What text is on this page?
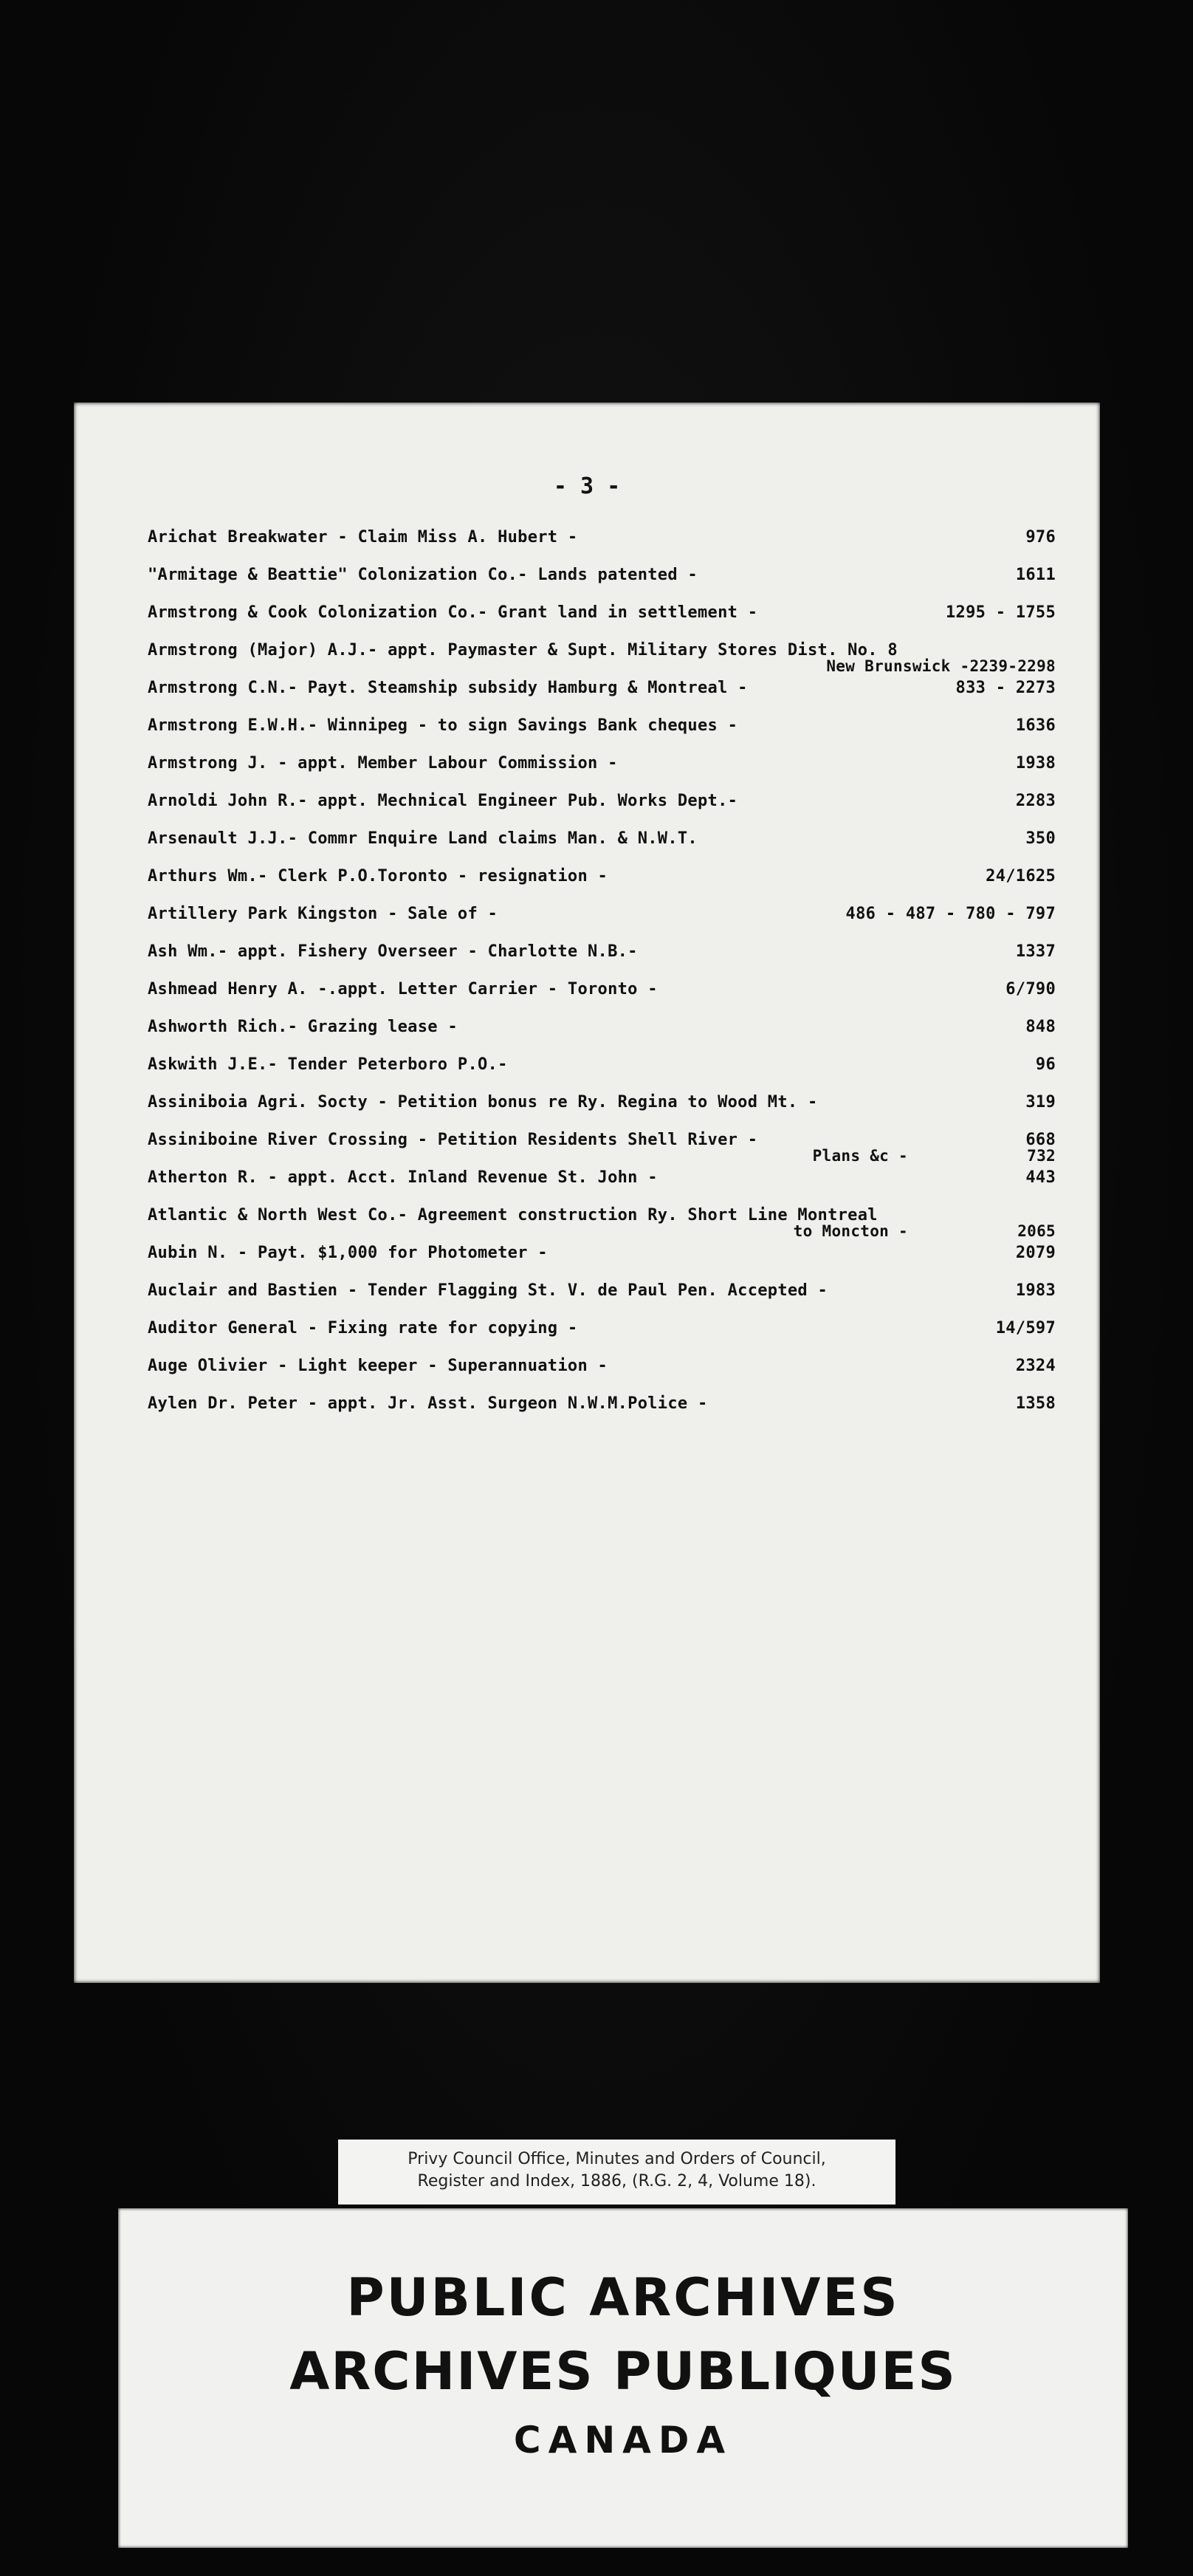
- 3 -
Arichat Breakwater - Claim Miss A. Hubert -	976
"Armitage & Beattie" Colonization Co.- Lands patented -	1611
Armstrong & Cook Colonization Co.- Grant land in settlement -	1295 - 1755
Armstrong (Major) A.J.- appt. Paymaster & Supt. Military Stores Dist. No. 8
New Brunswick -2239-2298
Armstrong C.N.- Payt. Steamship subsidy Hamburg & Montreal -	833 - 2273
Armstrong E.W.H.- Winnipeg - to sign Savings Bank cheques -	1636
Armstrong J. - appt. Member Labour Commission -	1938
Arnoldi John R.- appt. Mechnical Engineer Pub. Works Dept.-	2283
Arsenault J.J.- Commr Enquire Land claims Man. & N.W.T.	350
Arthurs Wm.- Clerk P.O.Toronto - resignation -	24/1625
Artillery Park Kingston - Sale of -	486 - 487 - 780 - 797
Ash Wm.- appt. Fishery Overseer - Charlotte N.B.-	1337
Ashmead Henry A. -.appt. Letter Carrier - Toronto -	6/790
Ashworth Rich.- Grazing lease -	848
Askwith J.E.- Tender Peterboro P.O.-	96
Assiniboia Agri. Socty - Petition bonus re Ry. Regina to Wood Mt. -	319
Assiniboine River Crossing - Petition Residents Shell River -	668
Plans &c -	732
Atherton R. - appt. Acct. Inland Revenue St. John -	443
Atlantic & North West Co.- Agreement construction Ry. Short Line Montreal
to Moncton -	2065
Aubin N. - Payt. $1,000 for Photometer -	2079
Auclair and Bastien - Tender Flagging St. V. de Paul Pen. Accepted -	1983
Auditor General - Fixing rate for copying -	14/597
Auge Olivier - Light keeper - Superannuation -	2324
Aylen Dr. Peter - appt. Jr. Asst. Surgeon N.W.M.Police -	1358
Privy Council Office, Minutes and Orders of Council,
Register and Index, 1886, (R.G. 2, 4, Volume 18).
PUBLIC ARCHIVES
ARCHIVES PUBLIQUES
CANADA
